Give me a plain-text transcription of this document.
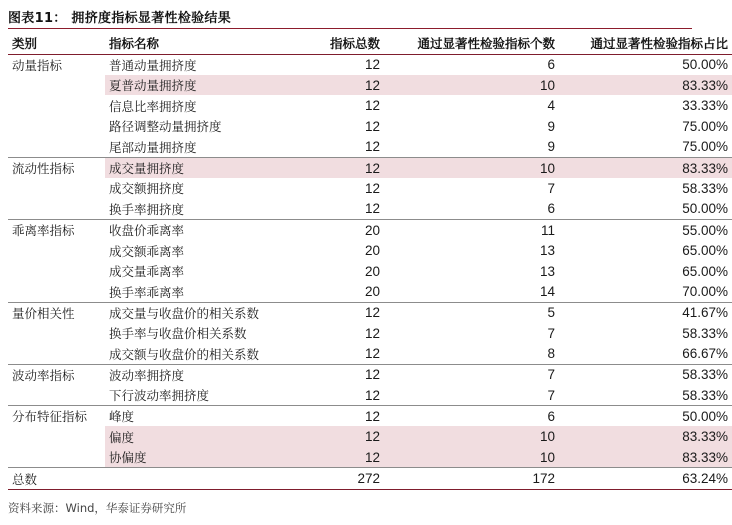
图表11： 拥挤度指标显著性检验结果
类别	指标名称	指标总数	通过显著性检验指标个数	通过显著性检验指标占比
动量指标	普通动量拥挤度	12	6	50.00%
	夏普动量拥挤度	12	10	83.33%
	信息比率拥挤度	12	4	33.33%
	路径调整动量拥挤度	12	9	75.00%
	尾部动量拥挤度	12	9	75.00%
流动性指标	成交量拥挤度	12	10	83.33%
	成交额拥挤度	12	7	58.33%
	换手率拥挤度	12	6	50.00%
乖离率指标	收盘价乖离率	20	11	55.00%
	成交额乖离率	20	13	65.00%
	成交量乖离率	20	13	65.00%
	换手率乖离率	20	14	70.00%
量价相关性	成交量与收盘价的相关系数	12	5	41.67%
	换手率与收盘价相关系数	12	7	58.33%
	成交额与收盘价的相关系数	12	8	66.67%
波动率指标	波动率拥挤度	12	7	58.33%
	下行波动率拥挤度	12	7	58.33%
分布特征指标	峰度	12	6	50.00%
	偏度	12	10	83.33%
	协偏度	12	10	83.33%
总数		272	172	63.24%
资料来源：Wind，华泰证券研究所
